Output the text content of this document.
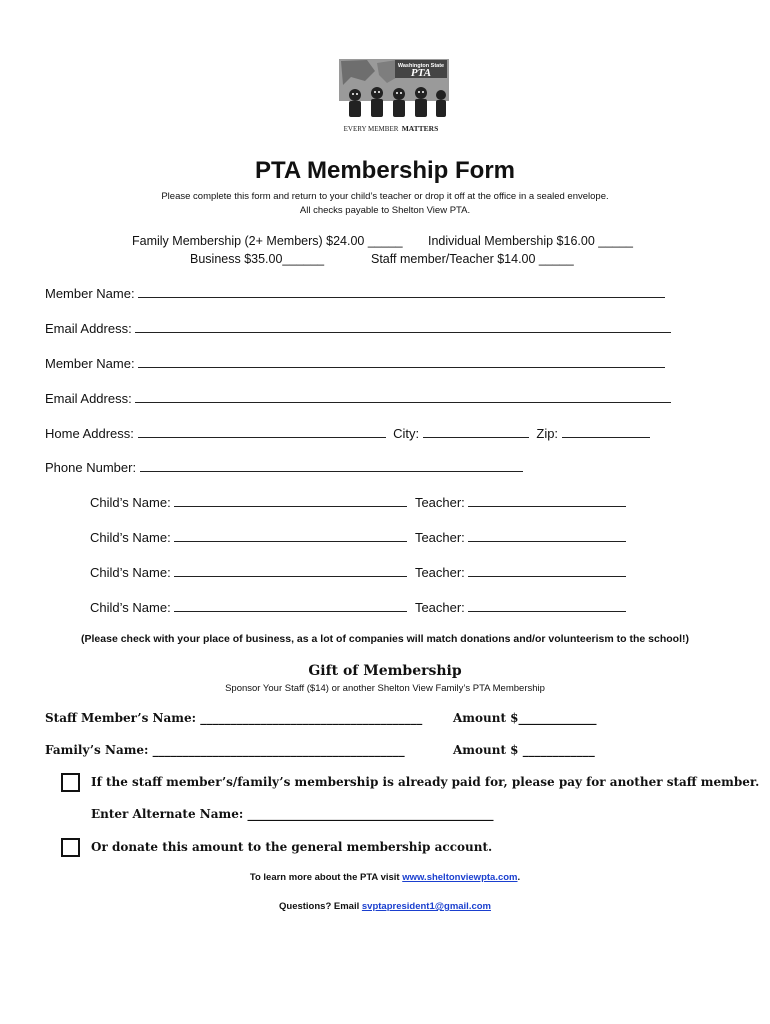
Washington State
PTA
EVERY MEMBER MATTERS
PTA Membership Form
Please complete this form and return to your child’s teacher or drop it off at the office in a sealed envelope.
All checks payable to Shelton View PTA.
Family Membership (2+ Members) $24.00 _____ Individual Membership $16.00 _____
Business $35.00______	Staff member/Teacher $14.00 _____
Member Name:
Email Address:
Member Name:
Email Address:
Home Address:	City:	Zip:
Phone Number:
Child’s Name:	Teacher:
Child’s Name:	Teacher:
Child’s Name:	Teacher:
Child’s Name:	Teacher:
(Please check with your place of business, as a lot of companies will match donations and/or volunteerism to the school!)
Gift of Membership
Sponsor Your Staff ($14) or another Shelton View Family’s PTA Membership
Staff Member’s Name: _____________________________________	Amount $_____________
Family’s Name: __________________________________________	Amount $ ____________
If the staff member’s/family’s membership is already paid for, please pay for another staff member.
Enter Alternate Name: _________________________________________
Or donate this amount to the general membership account.
To learn more about the PTA visit www.sheltonviewpta.com.
Questions? Email svptapresident1@gmail.com
